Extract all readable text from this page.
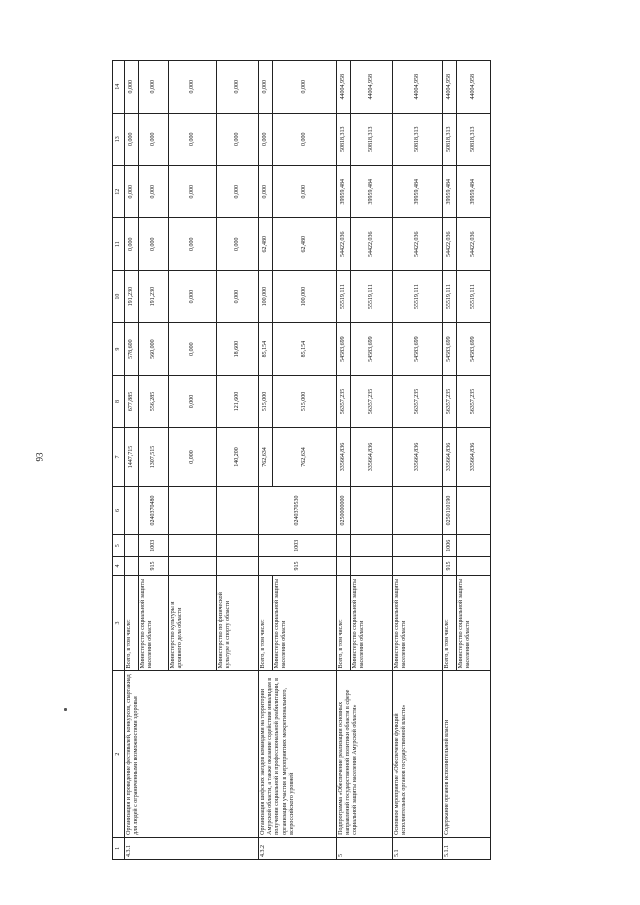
93
1	2	3	4	5	6	7	8	9	10	11	12	13	14
4.3.1	Организация и проведение фестивалей, конкурсов, спартакиад для людей с ограниченными возможностями здоровья	Всего, в том числе:				1447,715	677,885	578,600	191,230	0,000	0,000	0,000	0,000
		Министерство социальной защиты населения области	915	1003	0240370480	1307,515	556,285	560,000	191,230	0,000	0,000	0,000	0,000
		Министерство культуры и архивного дела области				0,000	0,000	0,000	0,000	0,000	0,000	0,000	0,000
		Министерство по физической культуре и спорту области				140,200	121,600	18,600	0,000	0,000	0,000	0,000	0,000
4.3.2	Организация шефских заездов командами на территории Амурской области, а также оказание содействия инвалидам в получении социальной и профессиональной реабилитации, в организации участия в мероприятиях межрегионального, всероссийского уровней	Всего, в том числе:	915	1003	0240370530	762,634	515,000	85,154	100,000	62,480	0,000	0,000	0,000
		Министерство социальной защиты населения области				762,634	515,000	85,154	100,000	62,480	0,000	0,000	0,000
5	Подпрограмма «Обеспечение реализации основных направлений государственной политики области в сфере социальной защиты населения Амурской области»	Всего, в том числе:			0250000000	335664,836	56357,235	54583,699	55519,111	54422,036	39959,484	50818,313	44004,958
		Министерство социальной защиты населения области				335664,836	56357,235	54583,699	55519,111	54422,036	39959,484	50818,313	44004,958
5.1	Основное мероприятие «Обеспечение функций исполнительных органов государственной власти»	Министерство социальной защиты населения области				335664,836	56357,235	54583,699	55519,111	54422,036	39959,484	50818,313	44004,958
5.1.1	Содержание органов исполнительной власти	Всего, в том числе:	915	1006	0250110190	335664,836	56357,235	54583,699	55519,111	54422,036	39959,484	50818,313	44004,958
		Министерство социальной защиты населения области				335664,836	56357,235	54583,699	55519,111	54422,036	39959,484	50818,313	44004,958
